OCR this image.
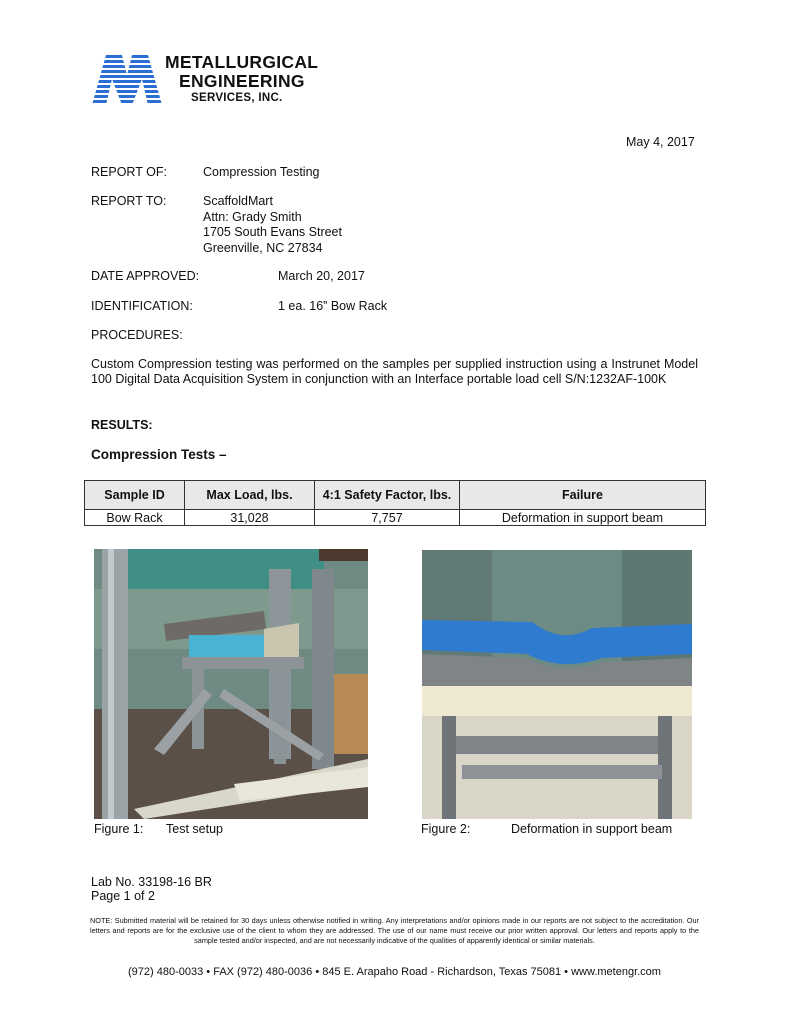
METALLURGICAL
ENGINEERING
SERVICES, INC.
May 4, 2017
REPORT OF:	Compression Testing
REPORT TO:	ScaffoldMart
Attn: Grady Smith
1705 South Evans Street
Greenville, NC 27834
DATE APPROVED:	March 20, 2017
IDENTIFICATION:	1 ea. 16” Bow Rack
PROCEDURES:
Custom Compression testing was performed on the samples per supplied instruction using a Instrunet Model 100 Digital Data Acquisition System in conjunction with an Interface portable load cell S/N:1232AF-100K
RESULTS:
Compression Tests –
Sample ID	Max Load, lbs.	4:1 Safety Factor, lbs.	Failure
Bow Rack	31,028	7,757	Deformation in support beam
Figure 1: Test setup	Figure 2:	Deformation in support beam
Lab No. 33198-16 BR
Page 1 of 2
NOTE: Submitted material will be retained for 30 days unless otherwise notified in writing. Any interpretations and/or opinions made in our reports are not subject to the accreditation. Our letters and reports are for the exclusive use of the client to whom they are addressed. The use of our name must receive our prior written approval. Our letters and reports apply to the sample tested and/or inspected, and are not necessarily indicative of the qualities of apparently identical or similar materials.
(972) 480-0033 • FAX (972) 480-0036 • 845 E. Arapaho Road - Richardson, Texas 75081 • www.metengr.com
